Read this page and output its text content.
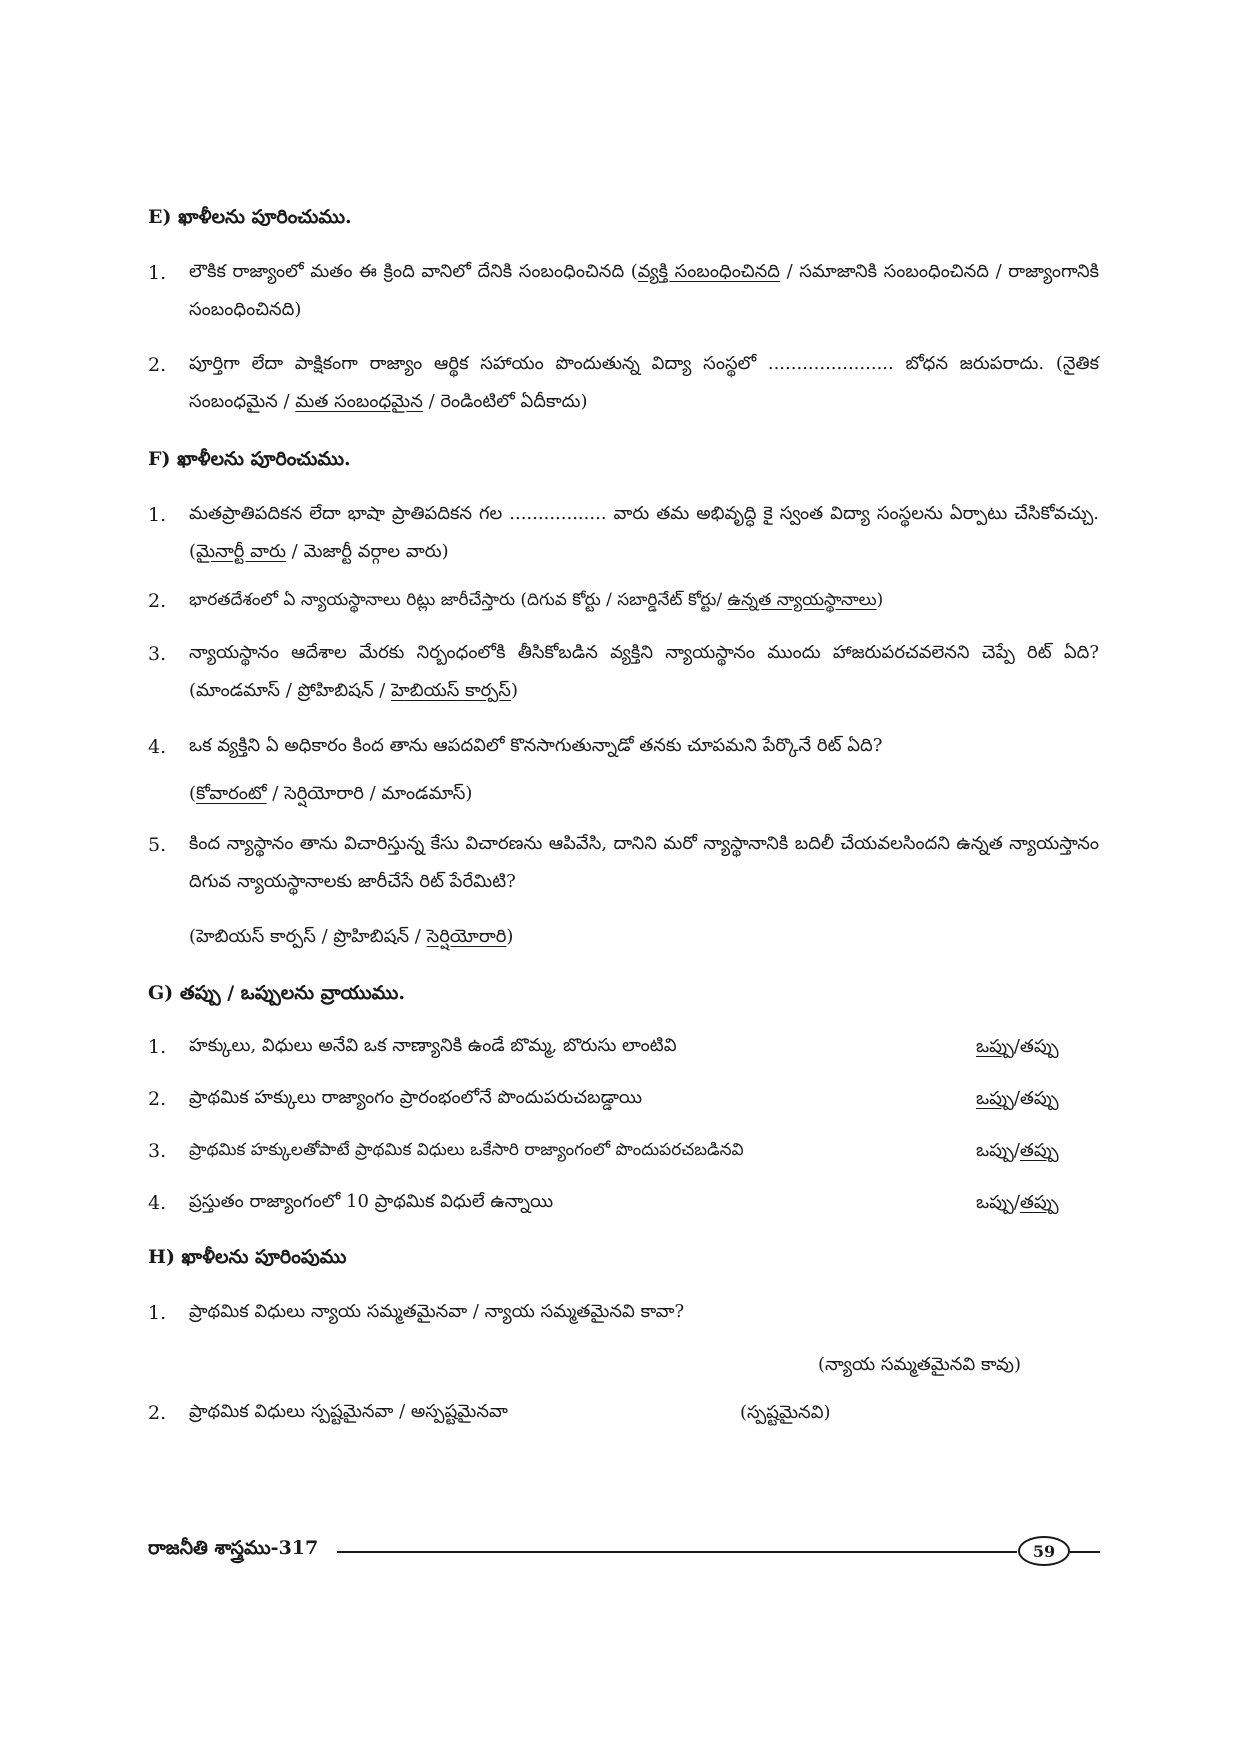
E) ఖాళీలను పూరించుము.
1.	లౌకిక రాజ్యాంలో మతం ఈ క్రింది వానిలో దేనికి సంబంధించినది (వ్యక్తి సంబంధించినది / సమాజానికి సంబంధించినది / రాజ్యాంగానికి సంబంధించినది)
2.	పూర్తిగా లేదా పాక్షికంగా రాజ్యాం ఆర్థిక సహాయం పొందుతున్న విద్యా సంస్థలో ...................... బోధన జరుపరాదు. (నైతిక సంబంధమైన / మత సంబంధమైన / రెండింటిలో ఏదీకాదు)
F) ఖాళీలను పూరించుము.
1.	మతప్రాతిపదికన లేదా భాషా ప్రాతిపదికన గల ................. వారు తమ అభివృద్ధి కై స్వంత విద్యా సంస్థలను ఏర్పాటు చేసికోవచ్చు. (మైనార్టీ వారు / మెజార్టీ వర్గాల వారు)
2.	భారతదేశంలో ఏ న్యాయస్థానాలు రిట్లు జారీచేస్తారు (దిగువ కోర్టు / సబార్డినేట్ కోర్టు/ ఉన్నత న్యాయస్థానాలు)
3.	న్యాయస్థానం ఆదేశాల మేరకు నిర్బంధంలోకి తీసికోబడిన వ్యక్తిని న్యాయస్థానం ముందు హాజరుపరచవలెనని చెప్పే రిట్ ఏది? (మాండమాస్ / ప్రోహిబిషన్ / హెబియస్ కార్పస్)
4.	ఒక వ్యక్తిని ఏ అధికారం కింద తాను ఆపదవిలో కొనసాగుతున్నాడో తనకు చూపమని పేర్కొనే రిట్ ఏది?
(కోవారంటో / సెర్షియోరారి / మాండమాస్)
5.	కింద న్యాస్థానం తాను విచారిస్తున్న కేసు విచారణను ఆపివేసి, దానిని మరో న్యాస్థానానికి బదిలీ చేయవలసిందని ఉన్నత న్యాయస్తానం దిగువ న్యాయస్థానాలకు జారీచేసే రిట్ పేరేమిటి?
(హెబియస్ కార్పస్ / ప్రొహిబిషన్ / సెర్షియోరారి)
G) తప్పు / ఒప్పులను వ్రాయుము.
1.	హక్కులు, విధులు అనేవి ఒక నాణ్యానికి ఉండే బొమ్మ, బొరుసు లాంటివి	ఒప్పు/తప్పు
2.	ప్రాథమిక హక్కులు రాజ్యాంగం ప్రారంభంలోనే పొందుపరుచబడ్డాయి	ఒప్పు/తప్పు
3.	ప్రాథమిక హక్కులతోపాటే ప్రాథమిక విధులు ఒకేసారి రాజ్యాంగంలో పొందుపరచబడినవి	ఒప్పు/తప్పు
4.	ప్రస్తుతం రాజ్యాంగంలో 10 ప్రాథమిక విధులే ఉన్నాయి	ఒప్పు/తప్పు
H) ఖాళీలను పూరింపుము
1.	ప్రాథమిక విధులు న్యాయ సమ్మతమైనవా / న్యాయ సమ్మతమైనవి కావా?
(న్యాయ సమ్మతమైనవి కావు)
2.	ప్రాథమిక విధులు స్పష్టమైనవా / అస్పష్టమైనవా	(స్పష్టమైనవి)
రాజనీతి శాస్త్రము-317	59
